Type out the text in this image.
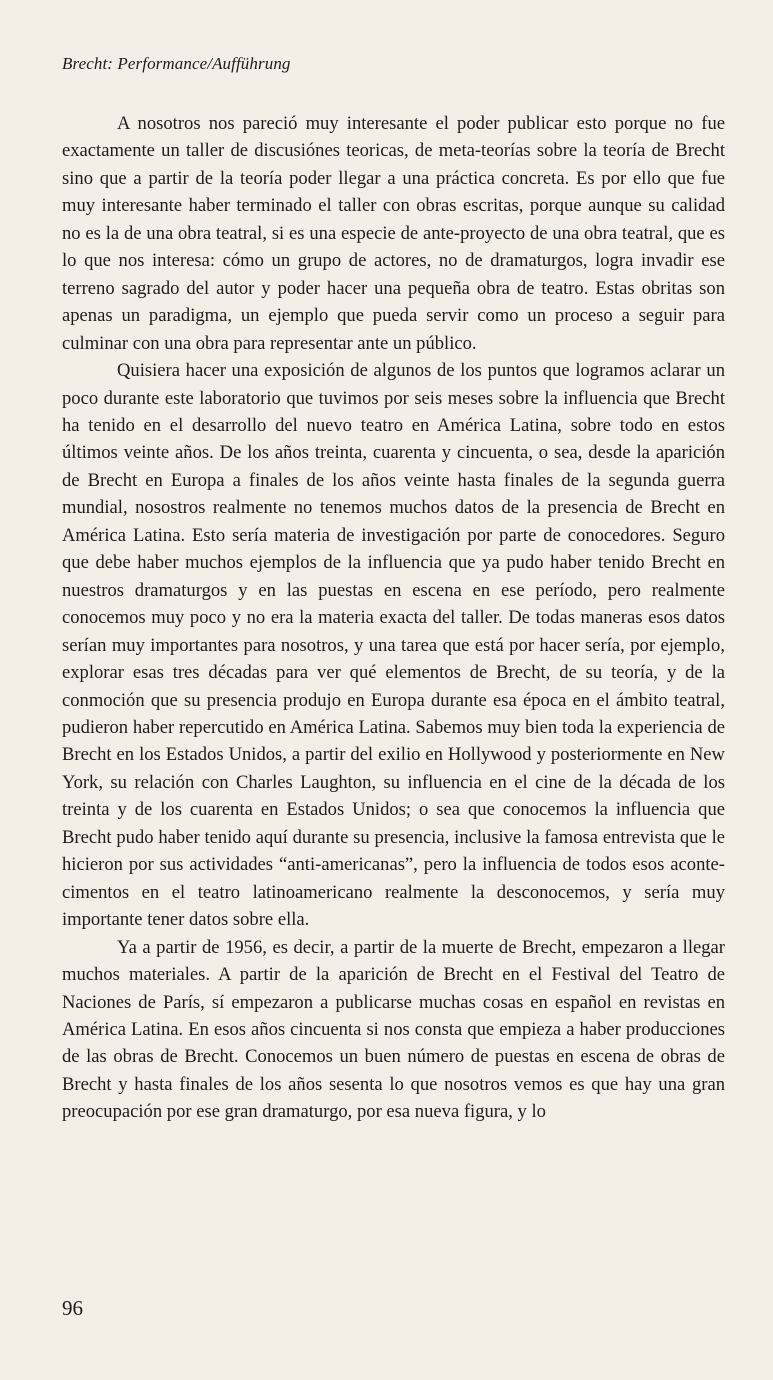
Brecht: Performance/Aufführung

A nosotros nos pareció muy interesante el poder publicar esto porque no fue exactamente un taller de discusiónes teoricas, de meta-teorías sobre la teoría de Brecht sino que a partir de la teoría poder llegar a una práctica concreta. Es por ello que fue muy interesante haber terminado el taller con obras escritas, porque aunque su calidad no es la de una obra teatral, si es una especie de ante-proyecto de una obra teatral, que es lo que nos interesa: cómo un grupo de actores, no de dramaturgos, logra invadir ese terreno sagrado del autor y poder hacer una pequeña obra de teatro. Estas obritas son apenas un paradigma, un ejemplo que pueda servir como un proceso a seguir para culminar con una obra para representar ante un público.

Quisiera hacer una exposición de algunos de los puntos que logramos aclarar un poco durante este laboratorio que tuvimos por seis meses sobre la influencia que Brecht ha tenido en el desarrollo del nuevo teatro en América Latina, sobre todo en estos últimos veinte años. De los años treinta, cuarenta y cincuenta, o sea, desde la aparición de Brecht en Europa a finales de los años veinte hasta finales de la segunda guerra mundial, nosostros realmente no tenemos muchos datos de la presencia de Brecht en América Latina. Esto sería materia de investigación por parte de conocedores. Seguro que debe haber muchos ejemplos de la influencia que ya pudo haber tenido Brecht en nuestros dramaturgos y en las puestas en escena en ese período, pero realmente conocemos muy poco y no era la materia exacta del taller. De todas maneras esos datos serían muy importantes para nosotros, y una tarea que está por hacer sería, por ejemplo, explorar esas tres décadas para ver qué elementos de Brecht, de su teoría, y de la conmoción que su presencia produjo en Europa durante esa época en el ámbito teatral, pudieron haber repercutido en América Latina. Sabemos muy bien toda la experiencia de Brecht en los Estados Unidos, a partir del exilio en Hollywood y posteriormente en New York, su relación con Charles Laughton, su influencia en el cine de la década de los treinta y de los cuarenta en Estados Unidos; o sea que conocemos la influencia que Brecht pudo haber tenido aquí durante su presencia, inclusive la famosa entrevista que le hicieron por sus actividades “anti-americanas”, pero la influencia de todos esos acontecimentos en el teatro latinoamericano realmente la desconocemos, y sería muy importante tener datos sobre ella.

Ya a partir de 1956, es decir, a partir de la muerte de Brecht, empezaron a llegar muchos materiales. A partir de la aparición de Brecht en el Festival del Teatro de Naciones de París, sí empezaron a publicarse muchas cosas en español en revistas en América Latina. En esos años cincuenta si nos consta que empieza a haber producciones de las obras de Brecht. Conocemos un buen número de puestas en escena de obras de Brecht y hasta finales de los años sesenta lo que nosotros vemos es que hay una gran preocupación por ese gran dramaturgo, por esa nueva figura, y lo

96
